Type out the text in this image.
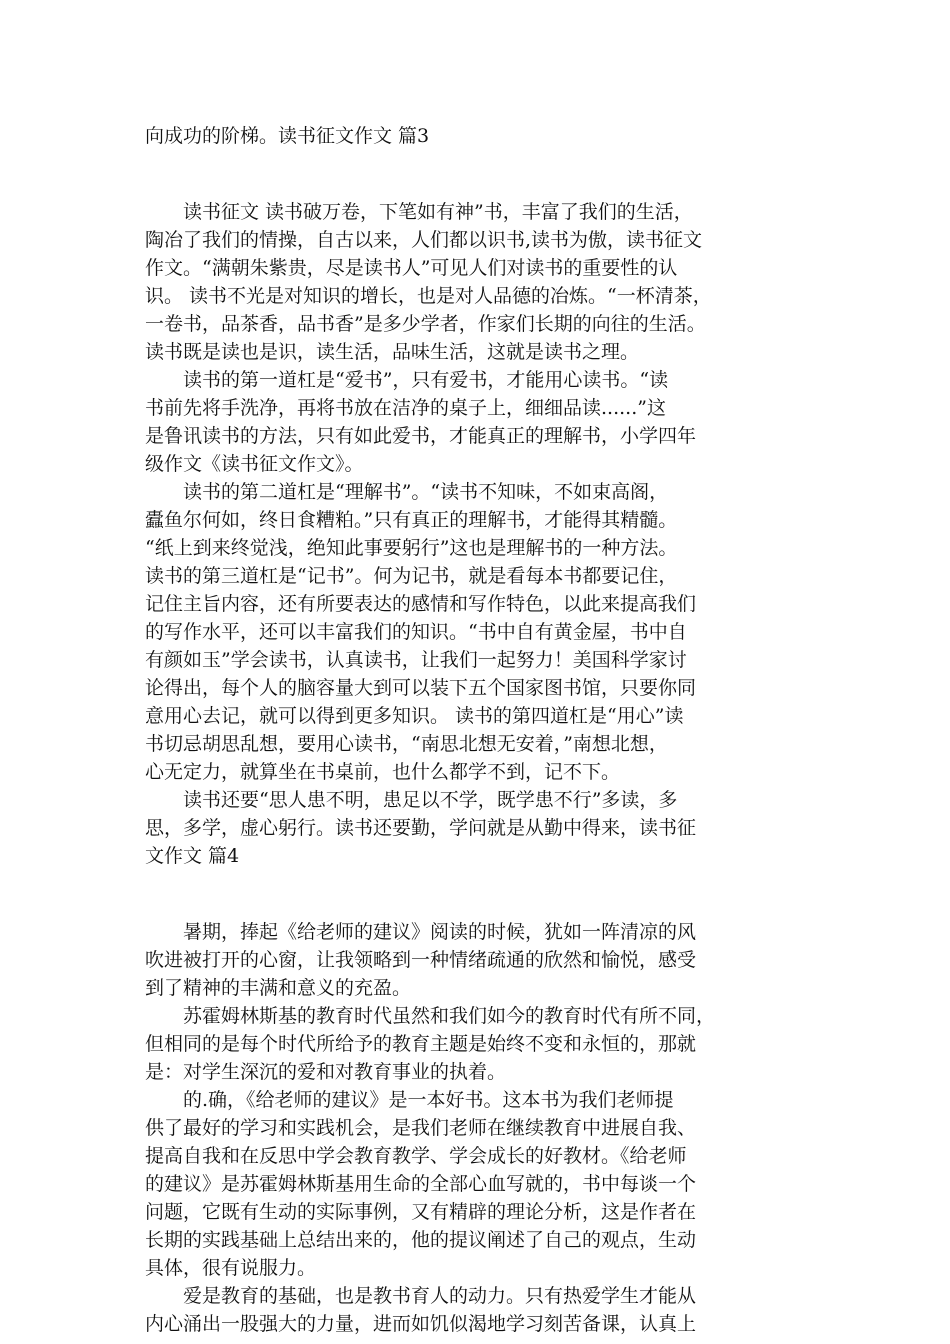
向成功的阶梯。读书征文作文 篇3

　　读书征文 读书破万卷，下笔如有神”书，丰富了我们的生活，

陶冶了我们的情操，自古以来，人们都以识书,读书为傲，读书征文

作文。“满朝朱紫贵，尽是读书人”可见人们对读书的重要性的认

识。 读书不光是对知识的增长，也是对人品德的冶炼。“一杯清茶，

一卷书，品茶香，品书香”是多少学者，作家们长期的向往的生活。

读书既是读也是识，读生活，品味生活，这就是读书之理。

　　读书的第一道杠是“爱书”，只有爱书，才能用心读书。“读

书前先将手洗净，再将书放在洁净的桌子上，细细品读......”这

是鲁讯读书的方法，只有如此爱书，才能真正的理解书，小学四年

级作文《读书征文作文》。

　　读书的第二道杠是“理解书”。“读书不知味，不如束高阁，

蠹鱼尔何如，终日食糟粕。”只有真正的理解书，才能得其精髓。

“纸上到来终觉浅，绝知此事要躬行”这也是理解书的一种方法。

读书的第三道杠是“记书”。何为记书，就是看每本书都要记住，

记住主旨内容，还有所要表达的感情和写作特色，以此来提高我们

的写作水平，还可以丰富我们的知识。“书中自有黄金屋，书中自

有颜如玉”学会读书，认真读书，让我们一起努力！美国科学家讨

论得出，每个人的脑容量大到可以装下五个国家图书馆，只要你同

意用心去记，就可以得到更多知识。 读书的第四道杠是“用心”读

书切忌胡思乱想，要用心读书，“南思北想无安着，”南想北想，

心无定力，就算坐在书桌前，也什么都学不到，记不下。

　　读书还要“思人患不明，患足以不学，既学患不行”多读，多

思，多学，虚心躬行。读书还要勤，学问就是从勤中得来，读书征

文作文 篇4

　　暑期，捧起《给老师的建议》阅读的时候，犹如一阵清凉的风

吹进被打开的心窗，让我领略到一种情绪疏通的欣然和愉悦，感受

到了精神的丰满和意义的充盈。

　　苏霍姆林斯基的教育时代虽然和我们如今的教育时代有所不同，

但相同的是每个时代所给予的教育主题是始终不变和永恒的，那就

是：对学生深沉的爱和对教育事业的执着。

　　的.确，《给老师的建议》是一本好书。这本书为我们老师提

供了最好的学习和实践机会，是我们老师在继续教育中进展自我、

提高自我和在反思中学会教育教学、学会成长的好教材。《给老师

的建议》是苏霍姆林斯基用生命的全部心血写就的，书中每谈一个

问题，它既有生动的实际事例，又有精辟的理论分析，这是作者在

长期的实践基础上总结出来的，他的提议阐述了自己的观点，生动

具体，很有说服力。

　　爱是教育的基础，也是教书育人的动力。只有热爱学生才能从

内心涌出一股强大的力量，进而如饥似渴地学习刻苦备课，认真上
